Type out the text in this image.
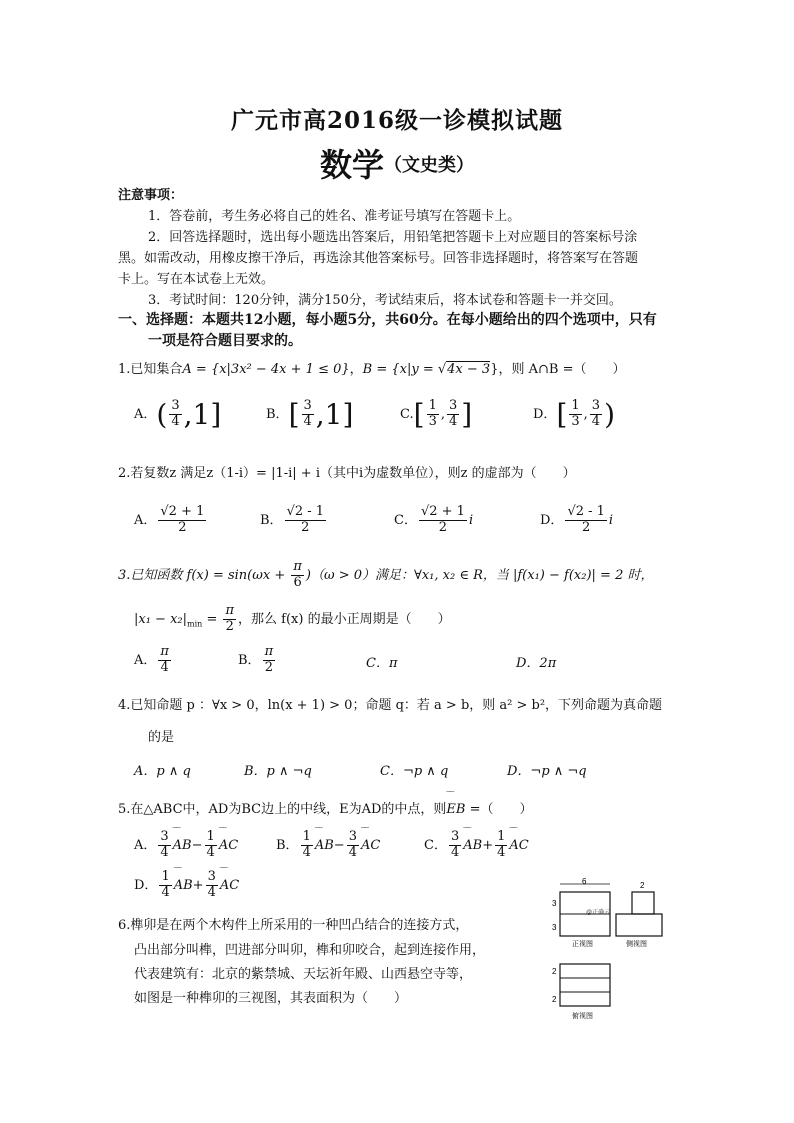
广元市高2016级一诊模拟试题
数学（文史类）
注意事项：
1．答卷前，考生务必将自己的姓名、准考证号填写在答题卡上。
2．回答选择题时，选出每小题选出答案后，用铅笔把答题卡上对应题目的答案标号涂
黑。如需改动，用橡皮擦干净后，再选涂其他答案标号。回答非选择题时，将答案写在答题
卡上。写在本试卷上无效。
3．考试时间：120分钟，满分150分，考试结束后，将本试卷和答题卡一并交回。
一、选择题：本题共12小题，每小题5分，共60分。在每小题给出的四个选项中，只有
一项是符合题目要求的。
1.已知集合A = {x|3x² − 4x + 1 ≤ 0}，B = {x|y = √4x − 3}，则 A∩B =（　　）
A．( $\frac{3}{4} ,1$]	B．[ $\frac{3}{4} ,1$]	$C.[ \frac{1}{3}$ , $\frac{3}{4}$ ]	D．[ $\frac{1}{3}$ , $\frac{3}{4}$ )
2.若复数z 满足z（1-i）= |1-i| + i（其中i为虚数单位），则z 的虚部为（　　）
A． $\frac{√2 + 1}{2}$	B． $\frac{√2 - 1}{2}$	C． $\frac{√2 + 1}{2}$ i	D． $\frac{√2 - 1}{2}$ i
3.已知函数 $f(x) = \sin(\omega x + \frac{\pi}{6} )(\omega > 0)$满足：∀x₁, x₂ ∈ R，当 |f(x₁) − f(x₂)| = 2 时，
$|x_1 - x_2|_{min} = \frac{\pi}{2}$ ，那么 f(x) 的最小正周期是（　　）
A． $\frac{\pi}{4}$	B． $\frac{\pi}{2}$	C．π	D．2π
4.已知命题 p ：∀x > 0，ln(x + 1) > 0；命题 q：若 a > b，则 a² > b²，下列命题为真命题
的是
A．p ∧ q	B．p ∧ ¬q	C．¬p ∧ q	D．¬p ∧ ¬q
5.在△ABC中，AD为BC边上的中线，E为AD的中点，则‾‾ EB =（　　）
A． $\frac{3}{4}$ ‾‾ $AB- \frac{1}{4}$ ‾‾ AC	B． $\frac{1}{4}$ ‾‾ $AB- \frac{3}{4}$ ‾‾ AC	C． $\frac{3}{4}$ ‾‾ $AB+ \frac{1}{4}$ ‾‾ AC
D． $\frac{1}{4}$ ‾‾ $AB+ \frac{3}{4}$ ‾‾ AC
6.榫卯是在两个木构件上所采用的一种凹凸结合的连接方式，
凸出部分叫榫，凹进部分叫卯，榫和卯咬合，起到连接作用，
代表建筑有：北京的紫禁城、天坛祈年殿、山西悬空寺等，
如图是一种榫卯的三视图，其表面积为（　　）
6
3
3
正视图
@正确云
2
侧视图
2
2
俯视图
